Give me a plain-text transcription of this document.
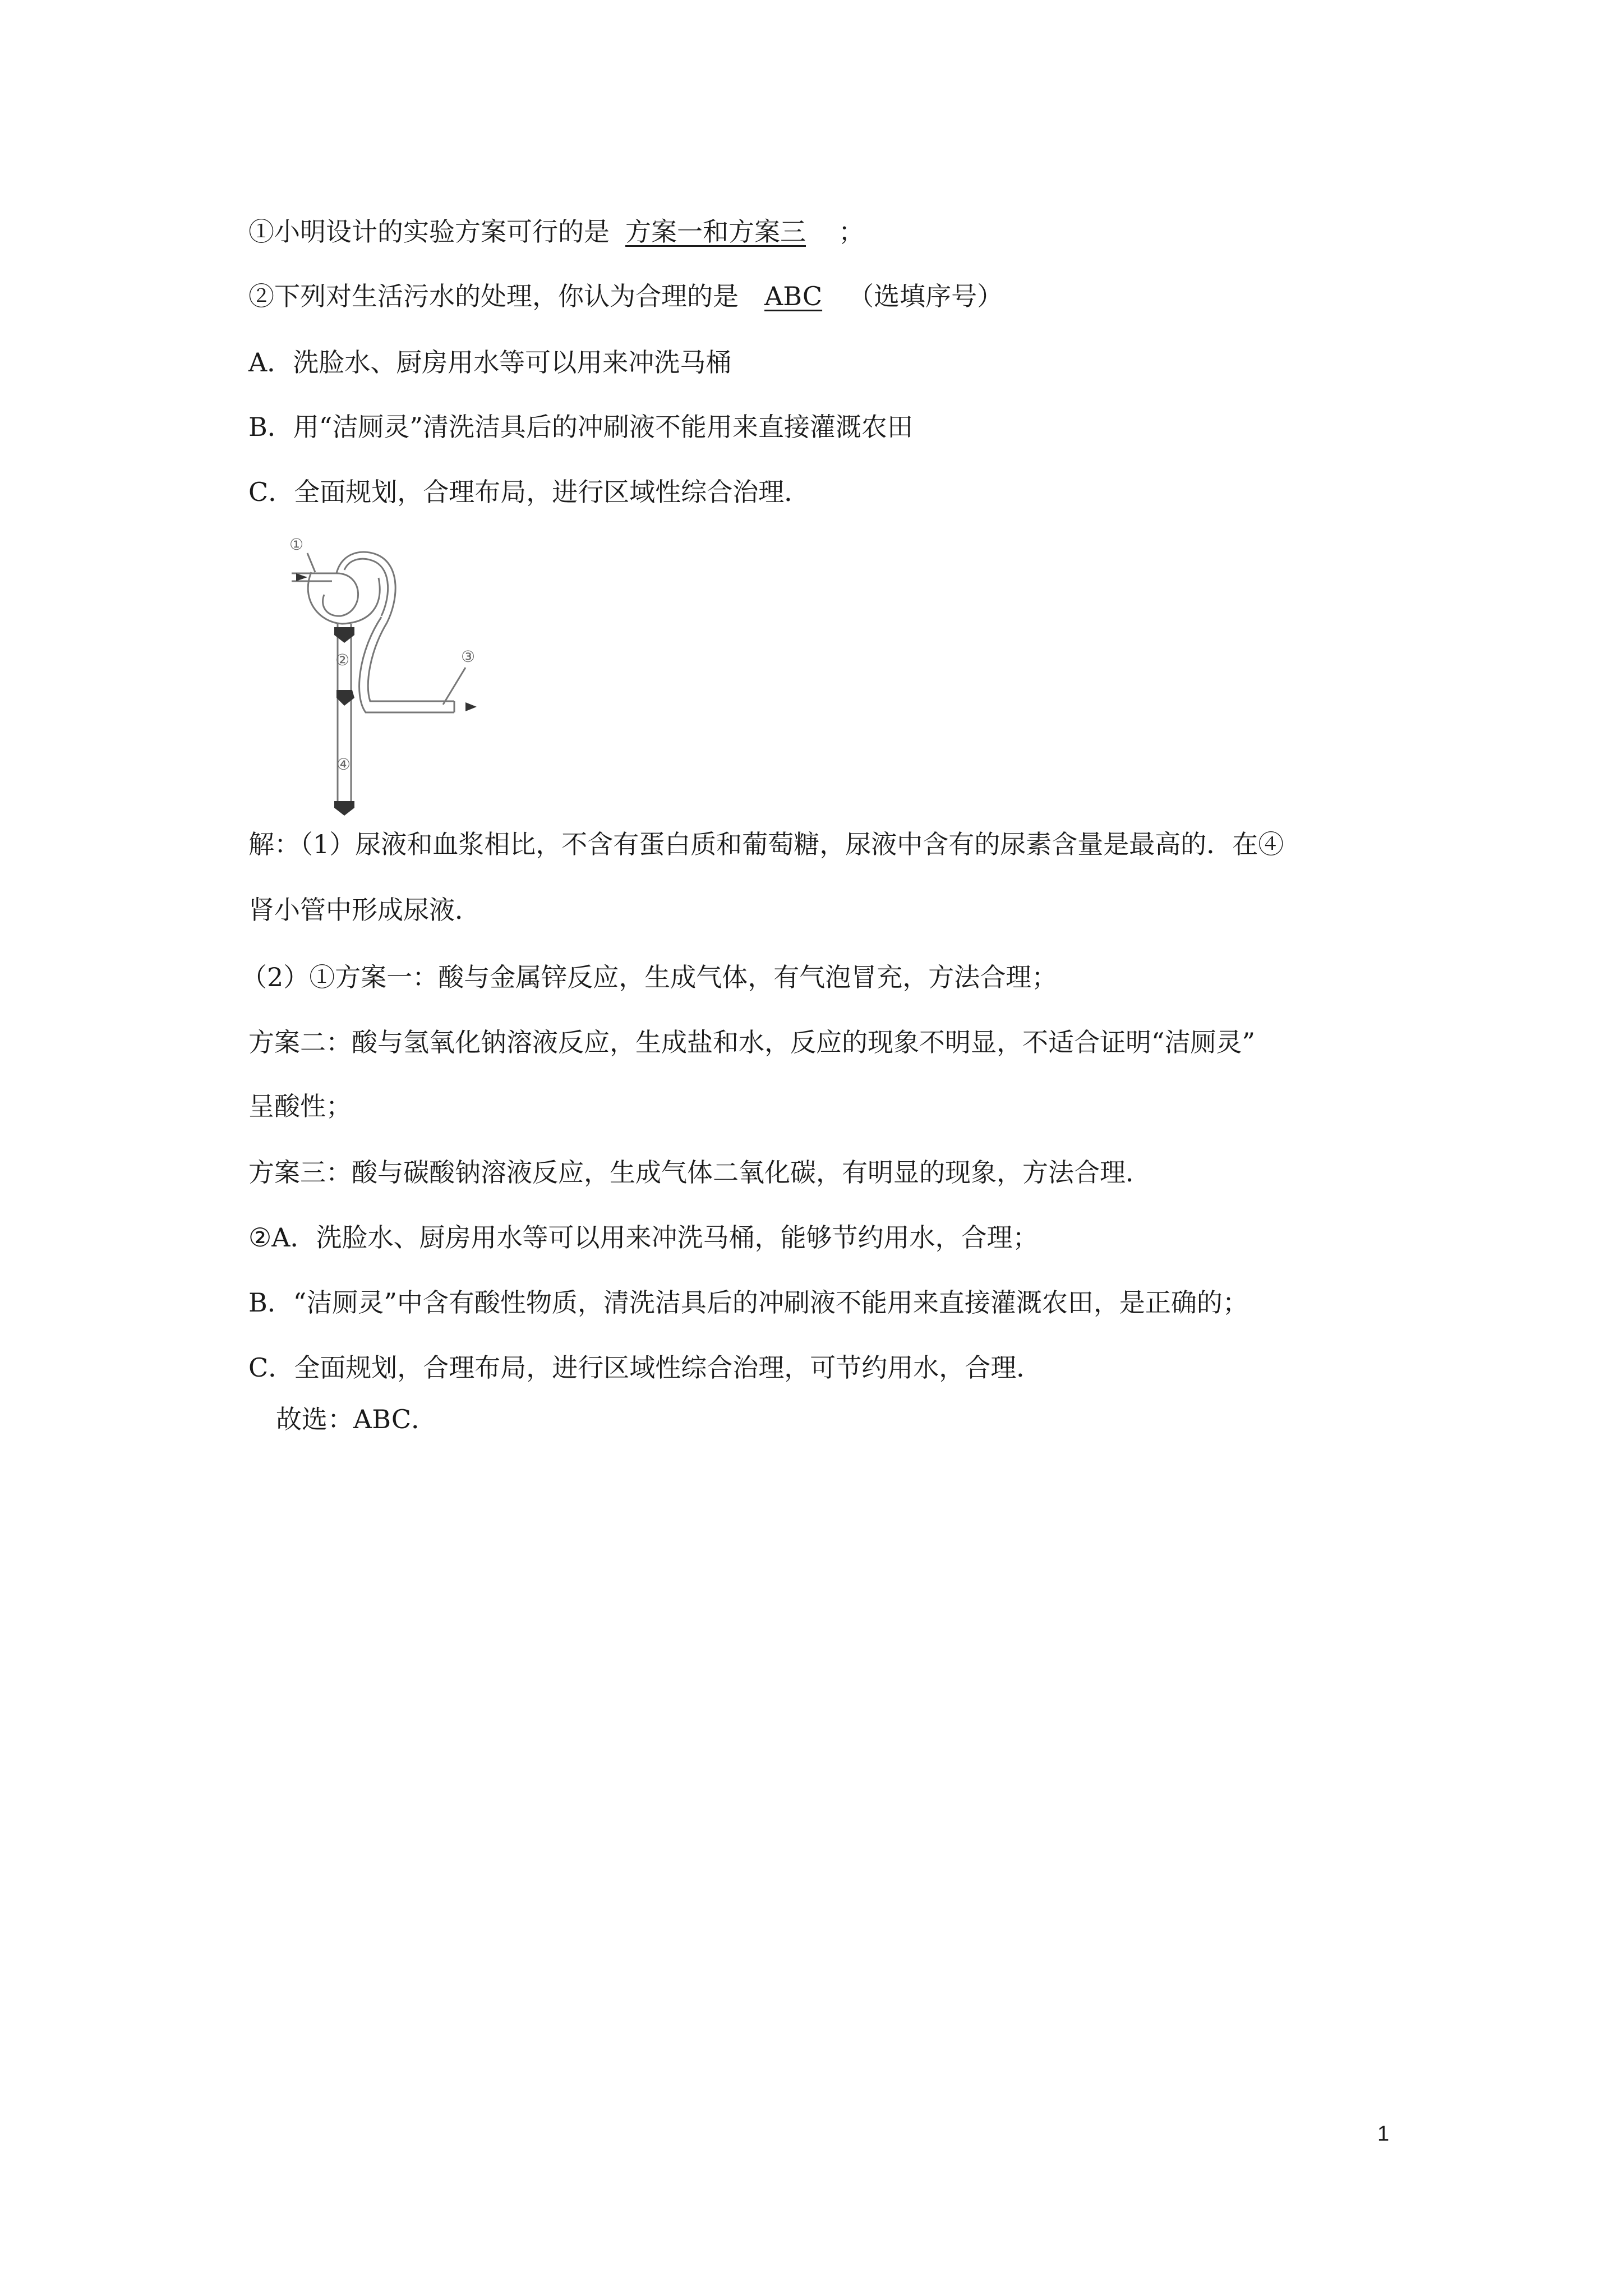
①小明设计的实验方案可行的是 方案一和方案三 ；
②下列对生活污水的处理，你认为合理的是 ABC （选填序号）
A．洗脸水、厨房用水等可以用来冲洗马桶
B．用“洁厕灵”清洗洁具后的冲刷液不能用来直接灌溉农田
C．全面规划，合理布局，进行区域性综合治理．
①
②	③
④
解：（1）尿液和血浆相比，不含有蛋白质和葡萄糖，尿液中含有的尿素含量是最高的．在④
肾小管中形成尿液．
（2）①方案一：酸与金属锌反应，生成气体，有气泡冒充，方法合理；
方案二：酸与氢氧化钠溶液反应，生成盐和水，反应的现象不明显，不适合证明“洁厕灵”
呈酸性；
方案三：酸与碳酸钠溶液反应，生成气体二氧化碳，有明显的现象，方法合理．
②A．洗脸水、厨房用水等可以用来冲洗马桶，能够节约用水，合理；
B．“洁厕灵”中含有酸性物质，清洗洁具后的冲刷液不能用来直接灌溉农田，是正确的；
C．全面规划，合理布局，进行区域性综合治理，可节约用水，合理．
故选：ABC．
1
